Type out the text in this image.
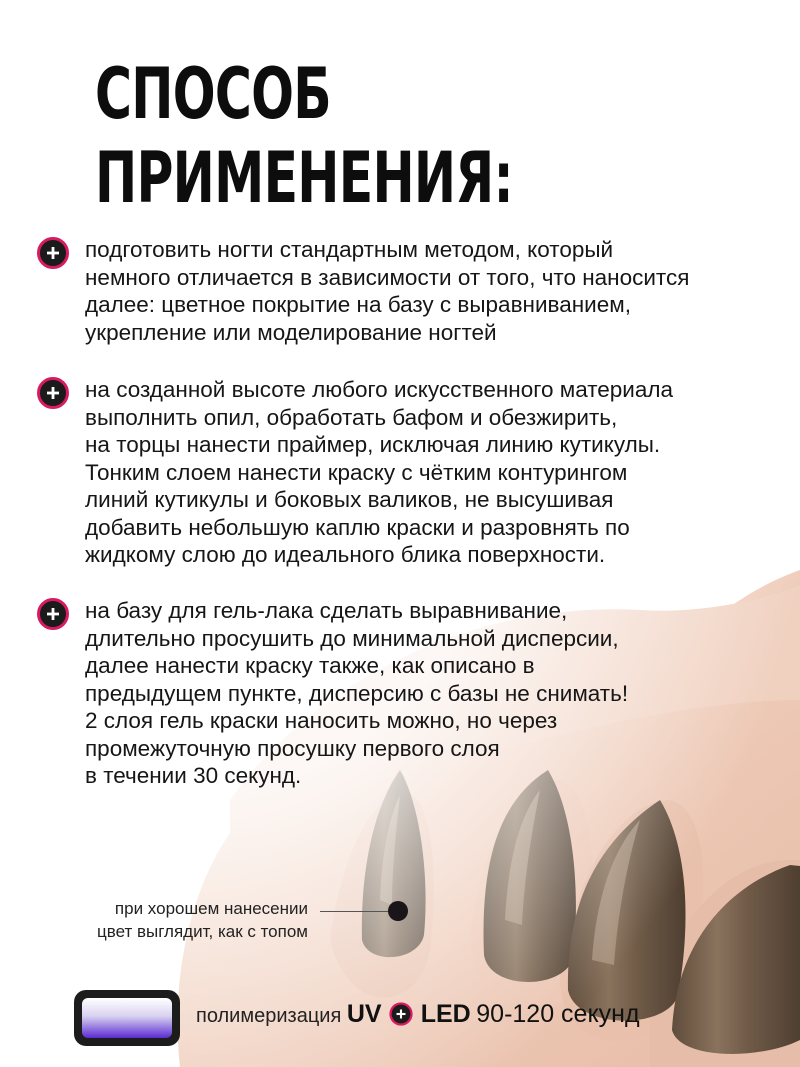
СПОСОБ
ПРИМЕНЕНИЯ:

подготовить ногти стандартным методом, который
немного отличается в зависимости от того, что наносится
далее: цветное покрытие на базу с выравниванием,
укрепление или моделирование ногтей

на созданной высоте любого искусственного материала
выполнить опил, обработать бафом и обезжирить,
на торцы нанести праймер, исключая линию кутикулы.
Тонким слоем нанести краску с чётким контурингом
линий кутикулы и боковых валиков, не высушивая
добавить небольшую каплю краски и разровнять по
жидкому слою до идеального блика поверхности.

на базу для гель-лака сделать выравнивание,
длительно просушить до минимальной дисперсии,
далее нанести краску также, как описано в
предыдущем пункте, дисперсию с базы не снимать!
2 слоя гель краски наносить можно, но через
промежуточную просушку первого слоя
в течении 30 секунд.

при хорошем нанесении
цвет выглядит, как с топом
полимеризация UV LED 90-120 секунд
